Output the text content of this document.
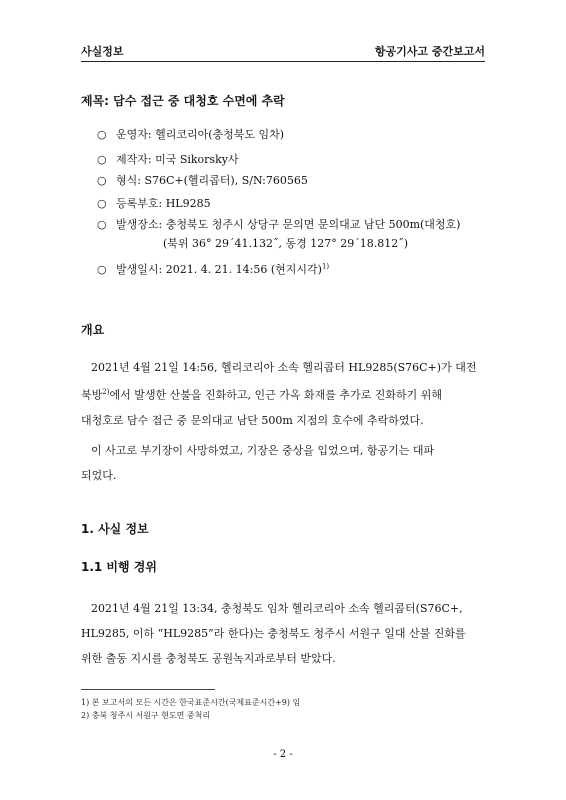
사실정보	항공기사고 중간보고서
제목: 담수 접근 중 대청호 수면에 추락
○ 운영자: 헬리코리아(충청북도 임차)
○ 제작자: 미국 Sikorsky사
○ 형식: S76C+(헬리콥터), S/N:760565
○ 등록부호: HL9285
○ 발생장소: 충청북도 청주시 상당구 문의면 문의대교 남단 500m(대청호)
(북위 36° 29´41.132˝, 동경 127° 29´18.812˝)
○ 발생일시: 2021. 4. 21. 14:56 (현지시각)$^{1)}$
개요
2021년 4월 21일 14:56, 헬리코리아 소속 헬리콥터 HL9285(S76C+)가 대전
북방$^{2)}$에서 발생한 산불을 진화하고, 인근 가옥 화재를 추가로 진화하기 위해
대청호로 담수 접근 중 문의대교 남단 500m 지점의 호수에 추락하였다.
이 사고로 부기장이 사망하였고, 기장은 중상을 입었으며, 항공기는 대파
되었다.
1. 사실 정보
1.1 비행 경위
2021년 4월 21일 13:34, 충청북도 임차 헬리코리아 소속 헬리콥터(S76C+,
HL9285, 이하 “HL9285”라 한다)는 충청북도 청주시 서원구 일대 산불 진화를
위한 출동 지시를 충청북도 공원녹지과로부터 받았다.
1) 본 보고서의 모든 시간은 한국표준시간(국제표준시간+9) 임
2) 충북 청주시 서원구 현도면 중척리
- 2 -
